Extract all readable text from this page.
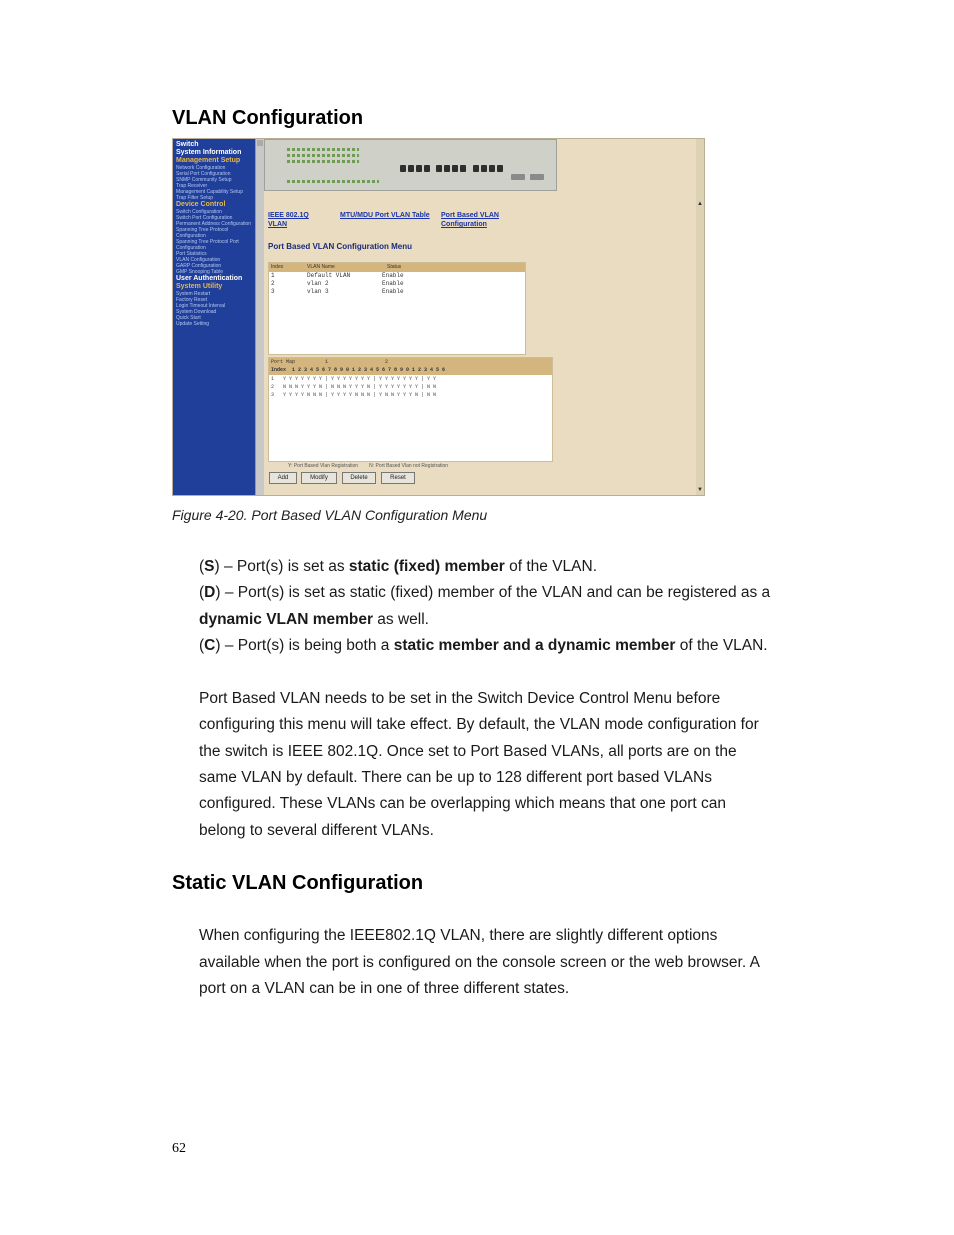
VLAN Configuration
Switch
System Information
Management Setup
Network Configuration
Serial Port Configuration
SNMP Community Setup
Trap Receiver
Management Capability Setup
Trap Filter Setup
Device Control
Switch Configuration
Switch Port Configuration
Permanent Address Configuration
Spanning Tree Protocol Configuration
Spanning Tree Protocol Port Configuration
Port Statistics
VLAN Configuration
GARP Configuration
GMP Snooping Table
User Authentication
System Utility
System Restart
Factory Reset
Login Timeout Interval
System Download
Quick Start
Update Setting
IEEE 802.1Q VLAN
MTU/MDU Port VLAN Table Port Based VLAN Configuration
Port Based VLAN Configuration Menu
Index	VLAN Name	Status
1	Default VLAN	Enable
2	vlan 2	Enable
3	vlan 3	Enable
Port Map          1                   2
Index  1 2 3 4 5 6 7 8 9 0 1 2 3 4 5 6 7 8 9 0 1 2 3 4 5 6
1   Y Y Y Y Y Y Y | Y Y Y Y Y Y Y | Y Y Y Y Y Y Y | Y Y
2   N N N Y Y Y N | N N N Y Y Y N | Y Y Y Y Y Y Y | N N
3   Y Y Y Y N N N | Y Y Y Y N N N | Y N N Y Y Y N | N N
Y: Port Based Vlan Registration        N: Port Based Vlan not Registration
Add	Modify	Delete	Reset
▲
▼
Figure 4-20. Port Based VLAN Configuration Menu
(S) – Port(s) is set as static (fixed) member of the VLAN.
(D) – Port(s) is set as static (fixed) member of the VLAN and can be registered as a
dynamic VLAN member as well.
(C) – Port(s) is being both a static member and a dynamic member of the VLAN.
Port Based VLAN needs to be set in the Switch Device Control Menu before
configuring this menu will take effect. By default, the VLAN mode configuration for
the switch is IEEE 802.1Q. Once set to Port Based VLANs, all ports are on the
same VLAN by default. There can be up to 128 different port based VLANs
configured. These VLANs can be overlapping which means that one port can
belong to several different VLANs.
Static VLAN Configuration
When configuring the IEEE802.1Q VLAN, there are slightly different options
available when the port is configured on the console screen or the web browser. A
port on a VLAN can be in one of three different states.
62
